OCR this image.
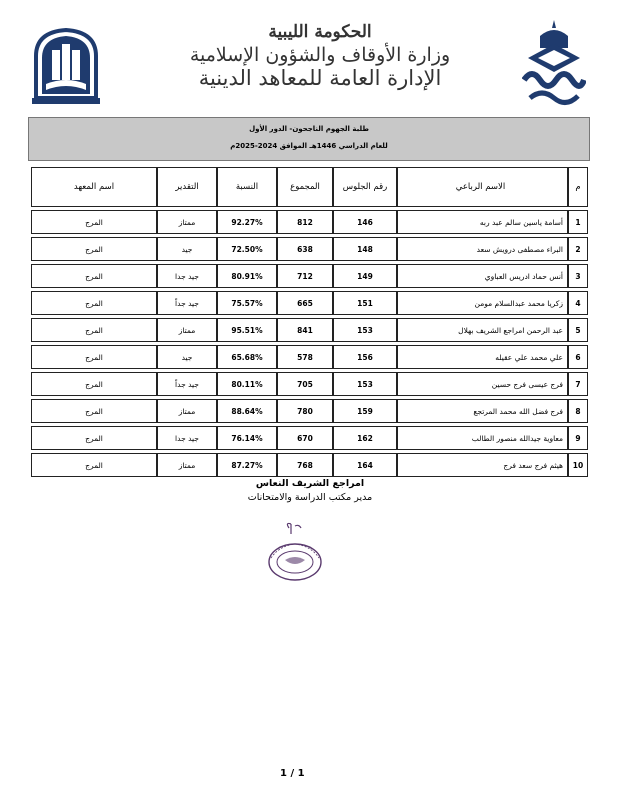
الحكومة الليبية
وزارة الأوقاف والشؤون الإسلامية
الإدارة العامة للمعاهد الدينية
طلبة الجهوم الناجحون- الدور الأول
للعام الدراسي 1446هـ الموافق 2024-2025م
م	الاسم الرباعي	رقم الجلوس	المجموع	النسبة	التقدير	اسم المعهد
1	أسامة ياسين سالم عبد ربه	146	812	92.27%	ممتاز	المرج
2	البراء مصطفى درويش سعد	148	638	72.50%	جيد	المرج
3	أنس حماد ادريس العباوي	149	712	80.91%	جيد جدا	المرج
4	زكريا محمد عبدالسلام مومن	151	665	75.57%	جيد جداً	المرج
5	عبد الرحمن امراجع الشريف بهلال	153	841	95.51%	ممتاز	المرج
6	علي محمد علي عقيله	156	578	65.68%	جيد	المرج
7	فرج عيسى فرج حسين	153	705	80.11%	جيد جداً	المرج
8	فرج فضل الله محمد المرتجع	159	780	88.64%	ممتاز	المرج
9	معاوية جيدالله منصور الطالب	162	670	76.14%	جيد جدا	المرج
10	هيثم فرج سعد فرج	164	768	87.27%	ممتاز	المرج
امراجع الشريف النعاس
مدير مكتب الدراسة والامتحانات
1 / 1
